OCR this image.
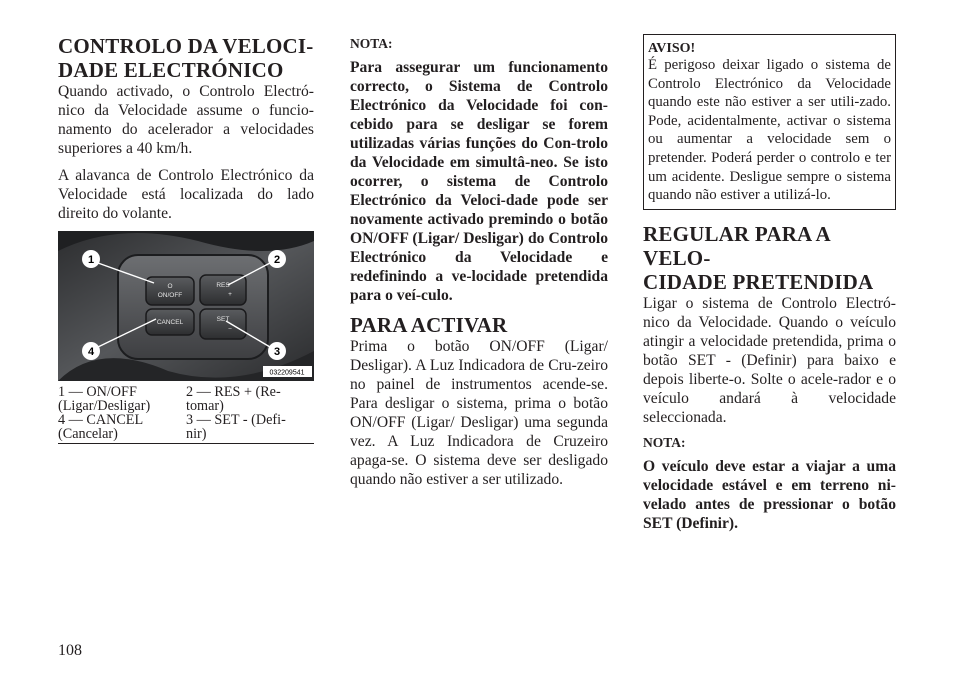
CONTROLO DA VELOCI-
DADE ELECTRÓNICO

Quando activado, o Controlo Electró-nico da Velocidade assume o funcio-namento do acelerador a velocidades superiores a 40 km/h.

A alavanca de Controlo Electrónico da Velocidade está localizada do lado direito do volante.

O
ON/OFF
RES
+
CANCEL	SET
−
1	2
3
4
032209541
1 — ON/OFF	2 — RES + (Re-
(Ligar/Desligar)	tomar)
4 — CANCEL	3 — SET - (Defi-
(Cancelar)	nir)
NOTA:

Para assegurar um funcionamento correcto, o Sistema de Controlo Electrónico da Velocidade foi con-cebido para se desligar se forem utilizadas várias funções do Con-trolo da Velocidade em simultâ-neo. Se isto ocorrer, o sistema de Controlo Electrónico da Veloci-dade pode ser novamente activado premindo o botão ON/OFF (Ligar/ Desligar) do Controlo Electrónico da Velocidade e redefinindo a ve-locidade pretendida para o veí-culo.

PARA ACTIVAR

Prima o botão ON/OFF (Ligar/ Desligar). A Luz Indicadora de Cru-zeiro no painel de instrumentos acende-se. Para desligar o sistema, prima o botão ON/OFF (Ligar/ Desligar) uma segunda vez. A Luz Indicadora de Cruzeiro apaga-se. O sistema deve ser desligado quando não estiver a ser utilizado.

AVISO!

É perigoso deixar ligado o sistema de Controlo Electrónico da Velocidade quando este não estiver a ser utili-zado. Pode, acidentalmente, activar o sistema ou aumentar a velocidade sem o pretender. Poderá perder o controlo e ter um acidente. Desligue sempre o sistema quando não estiver a utilizá-lo.

REGULAR PARA A VELO-
CIDADE PRETENDIDA

Ligar o sistema de Controlo Electró-nico da Velocidade. Quando o veículo atingir a velocidade pretendida, prima o botão SET - (Definir) para baixo e depois liberte-o. Solte o acele-rador e o veículo andará à velocidade seleccionada.

NOTA:

O veículo deve estar a viajar a uma velocidade estável e em terreno ni-velado antes de pressionar o botão SET (Definir).

108
